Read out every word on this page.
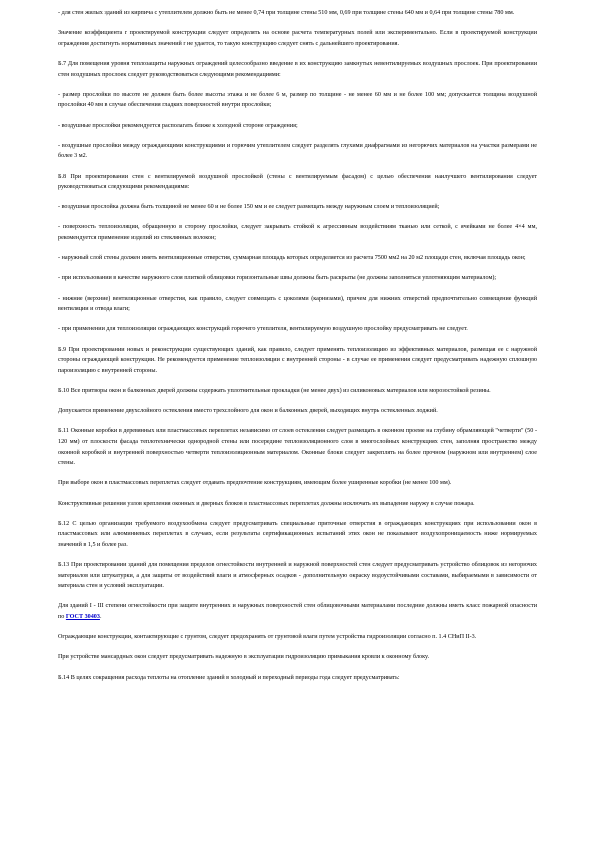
- для стен жилых зданий из кирпича с утеплителем должно быть не менее 0,74 при толщине стены 510 мм, 0,69 при толщине стены 640 мм и 0,64 при толщине стены 780 мм.

Значение коэффициента r проектируемой конструкции следует определять на основе расчета температурных полей или экспериментально. Если в проектируемой конструкции ограждения достигнуть нормативных значений r не удается, то такую конструкцию следует снять с дальнейшего проектирования.

Б.7 Для помещения уровня теплозащиты наружных ограждений целесообразно введение в их конструкцию замкнутых невентилируемых воздушных прослоек. При проектировании стен воздушных прослоек следует руководствоваться следующими рекомендациями:

- размер прослойки по высоте не должен быть более высоты этажа и не более 6 м, размер по толщине - не менее 60 мм и не более 100 мм; допускается толщина воздушной прослойки 40 мм в случае обеспечения гладких поверхностей внутри прослойки;

- воздушные прослойки рекомендуется располагать ближе к холодной стороне ограждения;

- воздушные прослойки между ограждающими конструкциями и горючим утеплителем следует разделять глухими диафрагмами из негорючих материалов на участки размерами не более 3 м2.

Б.8 При проектировании стен с вентилируемой воздушной прослойкой (стены с вентилируемым фасадом) с целью обеспечения наилучшего вентилирования следует руководствоваться следующими рекомендациями:

- воздушная прослойка должна быть толщиной не менее 60 и не более 150 мм и ее следует размещать между наружным слоем и теплоизоляцией;

- поверхность теплоизоляции, обращенную в сторону прослойки, следует закрывать стойкой к агрессивным воздействиям тканью или сеткой, с ячейками не более 4×4 мм, рекомендуется применение изделий из стеклянных волокон;

- наружный слой стены должен иметь вентиляционные отверстия, суммарная площадь которых определяется из расчета 7500 мм2 на 20 м2 площади стен, включая площадь окон;

- при использовании в качестве наружного слоя плиткой облицовки горизонтальные швы должны быть раскрыты (не должны заполняться уплотняющим материалом);

- нижние (верхние) вентиляционные отверстия, как правило, следует совмещать с цоколями (карнизами), причем для нижних отверстий предпочтительно совмещение функций вентиляции и отвода влаги;

- при применении для теплоизоляции ограждающих конструкций горючего утеплителя, вентилируемую воздушную прослойку предусматривать не следует.

Б.9 При проектировании новых и реконструкции существующих зданий, как правило, следует применять теплоизоляцию из эффективных материалов, размещая ее с наружной стороны ограждающей конструкции. Не рекомендуется применение теплоизоляции с внутренней стороны - в случае ее применения следует предусматривать надежную сплошную пароизоляцию с внутренней стороны.

Б.10 Все притворы окон и балконных дверей должны содержать уплотнительные прокладки (не менее двух) из силиконовых материалов или морозостойкой резины.

Допускается применение двухслойного остекления вместо трехслойного для окон и балконных дверей, выходящих внутрь остекленных лоджий.

Б.11 Оконные коробки в деревянных или пластмассовых переплетах независимо от слоев остекления следует размещать в оконном проеме на глубину обрамляющей "четверти" (50 - 120 мм) от плоскости фасада теплотехнически однородной стены или посередине теплоизоляционного слоя в многослойных конструкциях стен, заполняя пространство между оконной коробкой и внутренней поверхностью четверти теплоизоляционным материалом. Оконные блоки следует закреплять на более прочном (наружном или внутреннем) слое стены.

При выборе окон в пластмассовых переплетах следует отдавать предпочтение конструкциям, имеющим более уширенные коробки (не менее 100 мм).

Конструктивные решения узлов крепления оконных и дверных блоков в пластмассовых переплетах должны исключать их выпадение наружу в случае пожара.

Б.12 С целью организации требуемого воздухообмена следует предусматривать специальные приточные отверстия в ограждающих конструкциях при использовании окон в пластмассовых или алюминиевых переплетах в случаях, если результаты сертификационных испытаний этих окон не показывают воздухопроницаемость ниже нормируемых значений в 1,5 и более раз.

Б.13 При проектировании зданий для помещения пределов огнестойкости внутренней и наружной поверхностей стен следует предусматривать устройство облицовок из негорючих материалов или штукатурки, а для защиты от воздействий влаги и атмосферных осадков - дополнительную окраску водоустойчивыми составами, выбираемыми в зависимости от материала стен и условий эксплуатации.

Для зданий I - III степени огнестойкости при защите внутренних и наружных поверхностей стен облицовочными материалами последние должны иметь класс пожарной опасности по ГОСТ 30403.

Ограждающие конструкции, контактирующие с грунтом, следует предохранять от грунтовой влаги путем устройства гидроизоляции согласно п. 1.4 СНиП II-3.

При устройстве мансардных окон следует предусматривать надежную в эксплуатации гидроизоляцию примыкания кровли к оконному блоку.

Б.14 В целях сокращения расхода теплоты на отопление зданий в холодный и переходный периоды года следует предусматривать:
